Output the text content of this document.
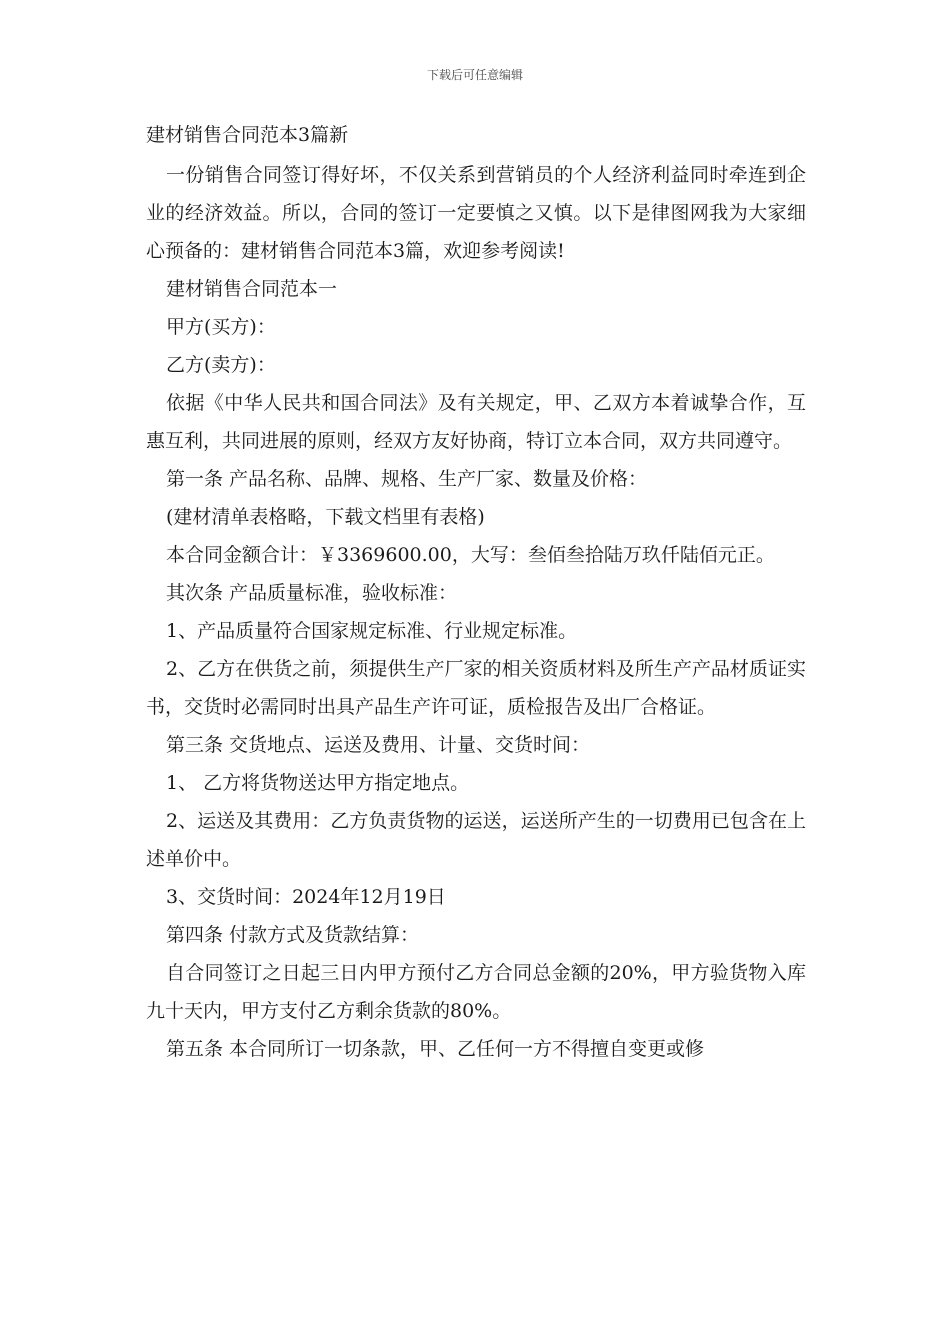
下载后可任意编辑
建材销售合同范本3篇新

一份销售合同签订得好坏，不仅关系到营销员的个人经济利益同时牵连到企业的经济效益。所以，合同的签订一定要慎之又慎。以下是律图网我为大家细心预备的：建材销售合同范本3篇，欢迎参考阅读!

建材销售合同范本一

甲方(买方)：

乙方(卖方)：

依据《中华人民共和国合同法》及有关规定，甲、乙双方本着诚挚合作，互惠互利，共同进展的原则，经双方友好协商，特订立本合同，双方共同遵守。

第一条 产品名称、品牌、规格、生产厂家、数量及价格：

(建材清单表格略，下载文档里有表格)

本合同金额合计：￥3369600.00，大写：叁佰叁拾陆万玖仟陆佰元正。

其次条 产品质量标准，验收标准：

1、产品质量符合国家规定标准、行业规定标准。

2、乙方在供货之前，须提供生产厂家的相关资质材料及所生产产品材质证实书，交货时必需同时出具产品生产许可证，质检报告及出厂合格证。

第三条 交货地点、运送及费用、计量、交货时间：

1、 乙方将货物送达甲方指定地点。

2、运送及其费用：乙方负责货物的运送，运送所产生的一切费用已包含在上述单价中。

3、交货时间：2024年12月19日

第四条 付款方式及货款结算：

自合同签订之日起三日内甲方预付乙方合同总金额的20%，甲方验货物入库九十天内，甲方支付乙方剩余货款的80%。

第五条 本合同所订一切条款，甲、乙任何一方不得擅自变更或修
